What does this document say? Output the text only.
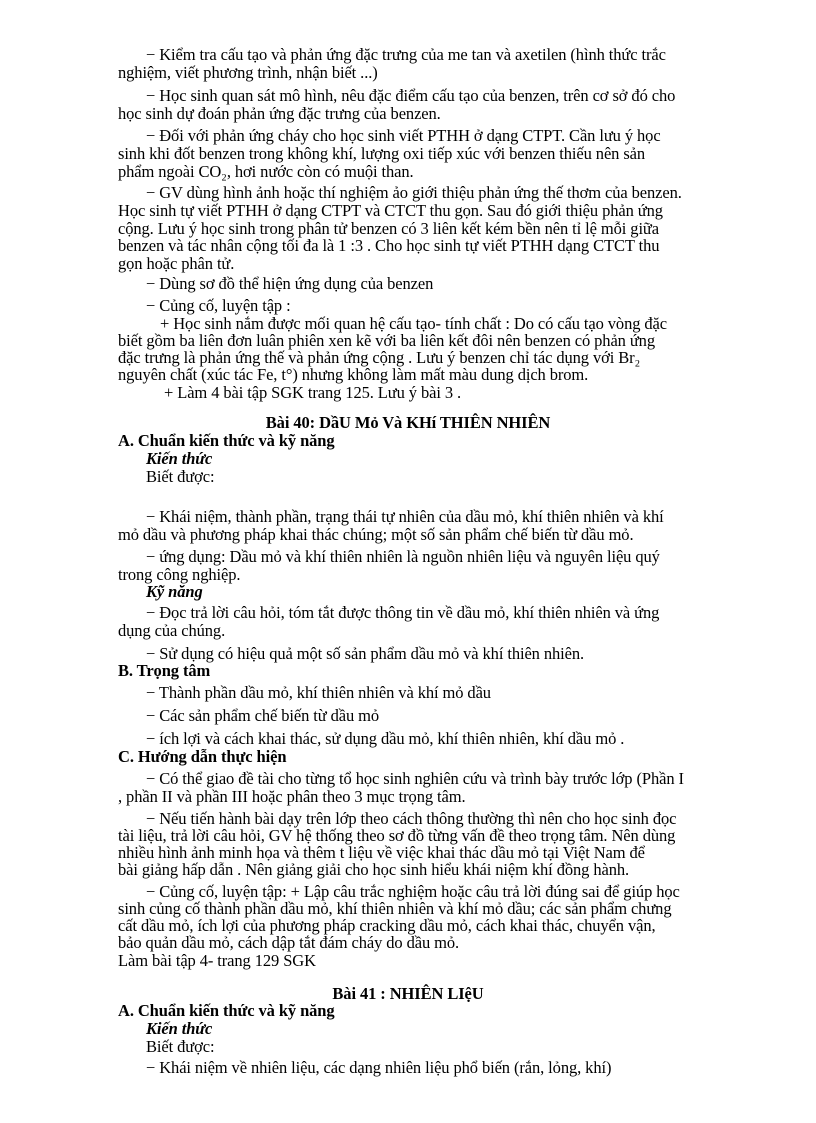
− Kiểm tra cấu tạo và phản ứng đặc trưng của me tan và axetilen (hình thức trắc
nghiệm, viết phương trình, nhận biết ...)
− Học sinh quan sát mô hình, nêu đặc điểm cấu tạo của benzen, trên cơ sở đó cho
học sinh dự đoán phản ứng đặc trưng của benzen.
− Đối với phản ứng cháy cho học sinh viết PTHH ở dạng CTPT. Cần lưu ý học
sinh khi đốt benzen trong không khí, lượng oxi tiếp xúc với benzen thiếu nên sản
phẩm ngoài CO₂, hơi nước còn có muội than.
− GV dùng hình ảnh hoặc thí nghiệm ảo giới thiệu phản ứng thế thơm của benzen.
Học sinh tự viết PTHH ở dạng CTPT và CTCT thu gọn. Sau đó giới thiệu phản ứng
cộng. Lưu ý học sinh trong phân tử benzen có 3 liên kết kém bền nên tỉ lệ mỗi giữa
benzen và tác nhân cộng tối đa là 1 :3 . Cho học sinh tự viết PTHH dạng CTCT thu
gọn hoặc phân tử.
− Dùng sơ đồ thể hiện ứng dụng của benzen
− Củng cố, luyện tập :
+ Học sinh nắm được mối quan hệ cấu tạo- tính chất : Do có cấu tạo vòng đặc
biết gồm ba liên đơn luân phiên xen kẽ với ba liên kết đôi nên benzen có phản ứng
đặc trưng là phản ứng thế và phản ứng cộng . Lưu ý benzen chỉ tác dụng với Br₂
nguyên chất (xúc tác Fe, t°) nhưng không làm mất màu dung dịch brom.
+ Làm 4 bài tập SGK trang 125. Lưu ý bài 3 .
Bài 40: DầU Mỏ Và KHí THIÊN NHIÊN
A. Chuẩn kiến thức và kỹ năng
Kiến thức
Biết được:
− Khái niệm, thành phần, trạng thái tự nhiên của dầu mỏ, khí thiên nhiên và khí
mỏ dầu và phương pháp khai thác chúng; một số sản phẩm chế biến từ dầu mỏ.
− ứng dụng: Dầu mỏ và khí thiên nhiên là nguồn nhiên liệu và nguyên liệu quý
trong công nghiệp.
Kỹ năng
− Đọc trả lời câu hỏi, tóm tắt được thông tin về dầu mỏ, khí thiên nhiên và ứng
dụng của chúng.
− Sử dụng có hiệu quả một số sản phẩm dầu mỏ và khí thiên nhiên.
B. Trọng tâm
− Thành phần dầu mỏ, khí thiên nhiên và khí mỏ dầu
− Các sản phẩm chế biến từ dầu mỏ
− ích lợi và cách khai thác, sử dụng dầu mỏ, khí thiên nhiên, khí dầu mỏ .
C. Hướng dẫn thực hiện
− Có thể giao đề tài cho từng tổ học sinh nghiên cứu và trình bày trước lớp (Phần I
, phần II và phần III hoặc phân theo 3 mục trọng tâm.
− Nếu tiến hành bài dạy trên lớp theo cách thông thường thì nên cho học sinh đọc
tài liệu, trả lời câu hỏi, GV hệ thống theo sơ đồ từng vấn đề theo trọng tâm. Nên dùng
nhiều hình ảnh minh họa và thêm t liệu về việc khai thác dầu mỏ tại Việt Nam để
bài giảng hấp dẫn . Nên giảng giải cho học sinh hiểu khái niệm khí đồng hành.
− Củng cố, luyện tập: + Lập câu trắc nghiệm hoặc câu trả lời đúng sai để giúp học
sinh củng cố thành phần dầu mỏ, khí thiên nhiên và khí mỏ dầu; các sản phẩm chưng
cất dầu mỏ, ích lợi của phương pháp cracking dầu mỏ, cách khai thác, chuyển vận,
bảo quản dầu mỏ, cách dập tắt đám cháy do dầu mỏ.
Làm bài tập 4- trang 129 SGK
Bài 41 : NHIÊN LIệU
A. Chuẩn kiến thức và kỹ năng
Kiến thức
Biết được:
− Khái niệm về nhiên liệu, các dạng nhiên liệu phổ biến (rắn, lỏng, khí)
